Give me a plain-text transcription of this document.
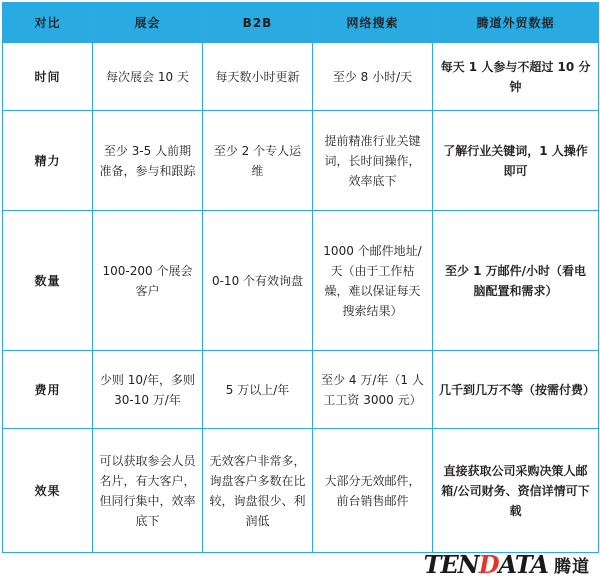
对比	展会	B2B	网络搜索	腾道外贸数据
时间	每次展会 10 天	每天数小时更新	至少 8 小时/天	每天 1 人参与不超过 10 分钟
精力	至少 3-5 人前期准备，参与和跟踪	至少 2 个专人运维	提前精准行业关键词，长时间操作，效率底下	了解行业关键词，1 人操作即可
数量	100-200 个展会客户	0-10 个有效询盘	1000 个邮件地址/天（由于工作枯燥，难以保证每天搜索结果）	至少 1 万邮件/小时（看电脑配置和需求）
费用	少则 10/年，多则 30-10 万/年	5 万以上/年	至少 4 万/年（1 人工工资 3000 元）	几千到几万不等（按需付费）
效果	可以获取参会人员名片，有大客户，但同行集中，效率底下	无效客户非常多，询盘客户多数在比较，询盘很少、利润低	大部分无效邮件，前台销售邮件	直接获取公司采购决策人邮箱/公司财务、资信详情可下载
TENDATA 腾道
